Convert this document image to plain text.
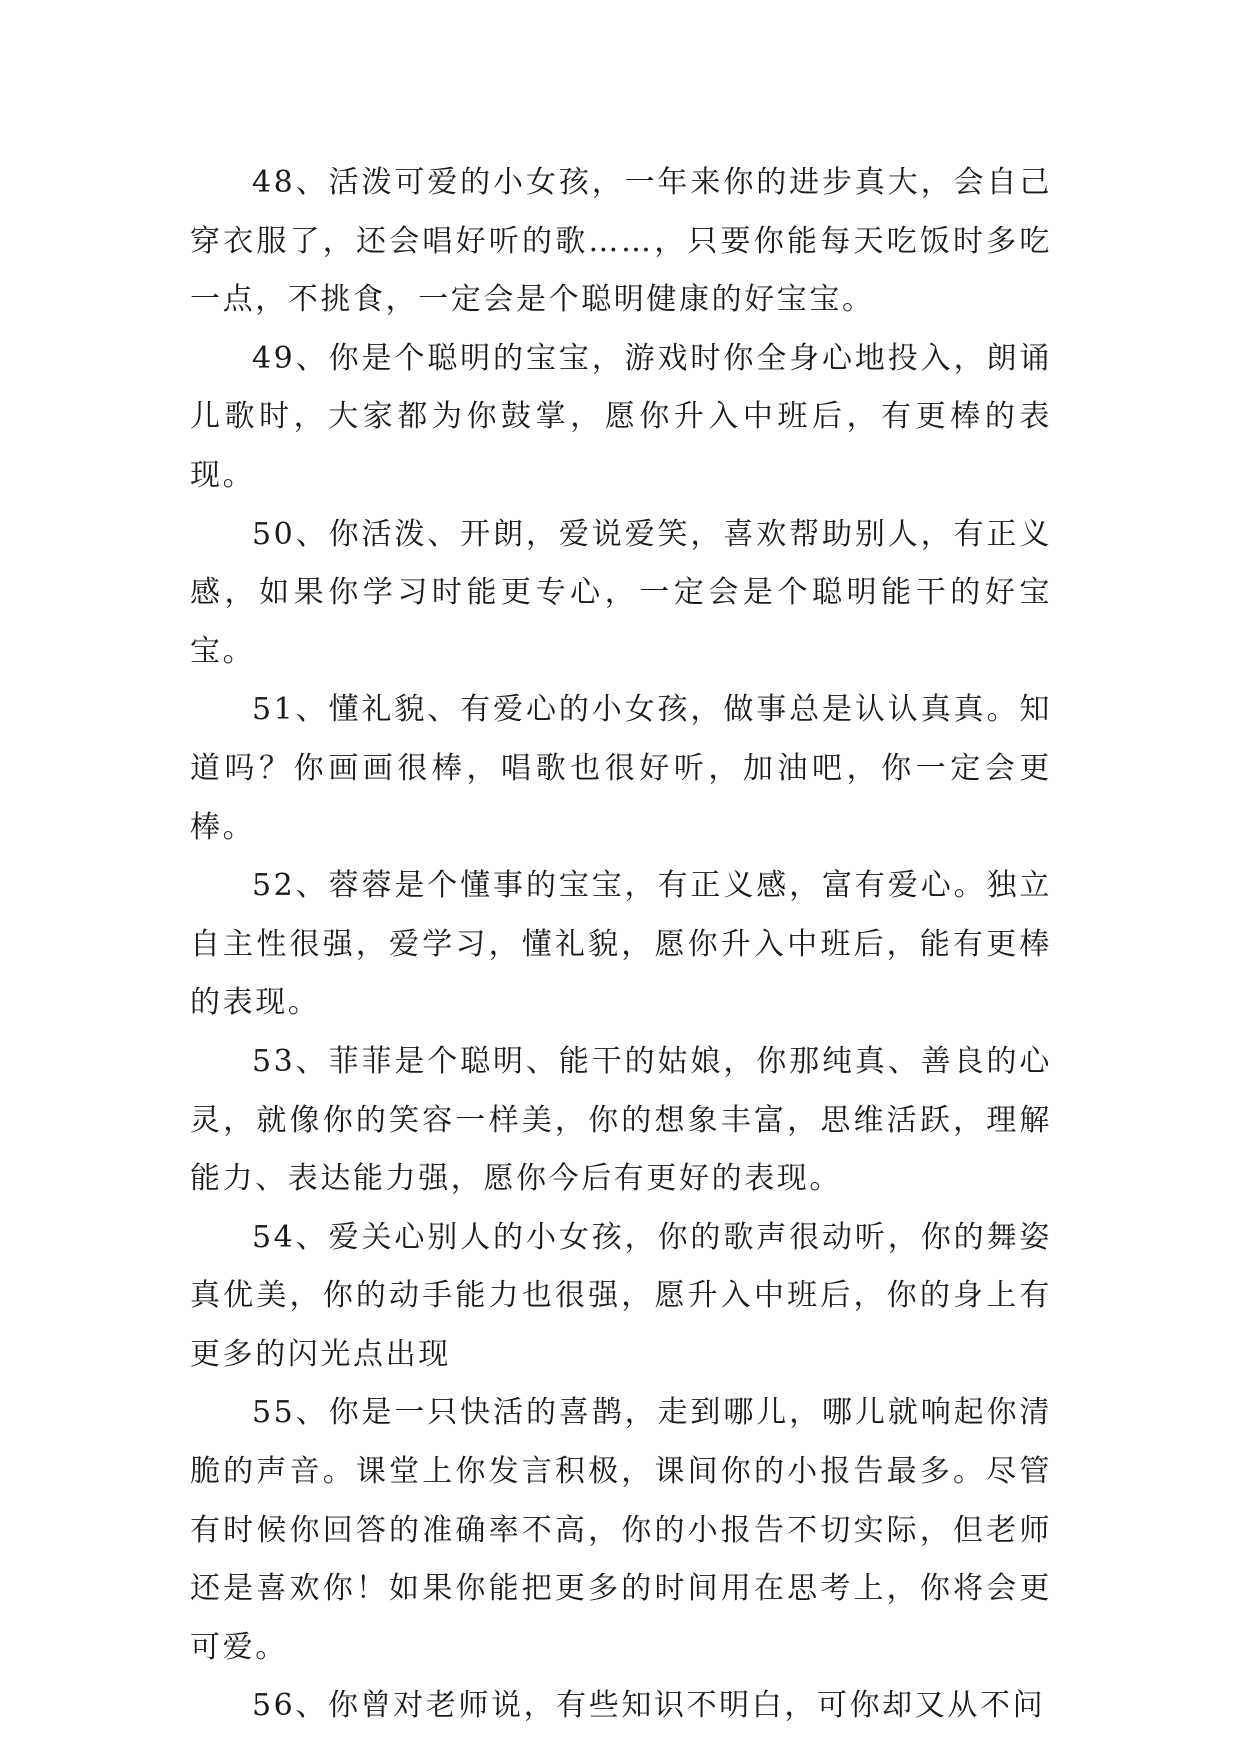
48、活泼可爱的小女孩，一年来你的进步真大，会自己穿衣服了，还会唱好听的歌……，只要你能每天吃饭时多吃一点，不挑食，一定会是个聪明健康的好宝宝。

49、你是个聪明的宝宝，游戏时你全身心地投入，朗诵儿歌时，大家都为你鼓掌，愿你升入中班后，有更棒的表现。

50、你活泼、开朗，爱说爱笑，喜欢帮助别人，有正义感，如果你学习时能更专心，一定会是个聪明能干的好宝宝。

51、懂礼貌、有爱心的小女孩，做事总是认认真真。知道吗？你画画很棒，唱歌也很好听，加油吧，你一定会更棒。

52、蓉蓉是个懂事的宝宝，有正义感，富有爱心。独立自主性很强，爱学习，懂礼貌，愿你升入中班后，能有更棒的表现。

53、菲菲是个聪明、能干的姑娘，你那纯真、善良的心灵，就像你的笑容一样美，你的想象丰富，思维活跃，理解能力、表达能力强，愿你今后有更好的表现。

54、爱关心别人的小女孩，你的歌声很动听，你的舞姿真优美，你的动手能力也很强，愿升入中班后，你的身上有更多的闪光点出现

55、你是一只快活的喜鹊，走到哪儿，哪儿就响起你清脆的声音。课堂上你发言积极，课间你的小报告最多。尽管有时候你回答的准确率不高，你的小报告不切实际，但老师还是喜欢你！如果你能把更多的时间用在思考上，你将会更可爱。

56、你曾对老师说，有些知识不明白，可你却又从不问
